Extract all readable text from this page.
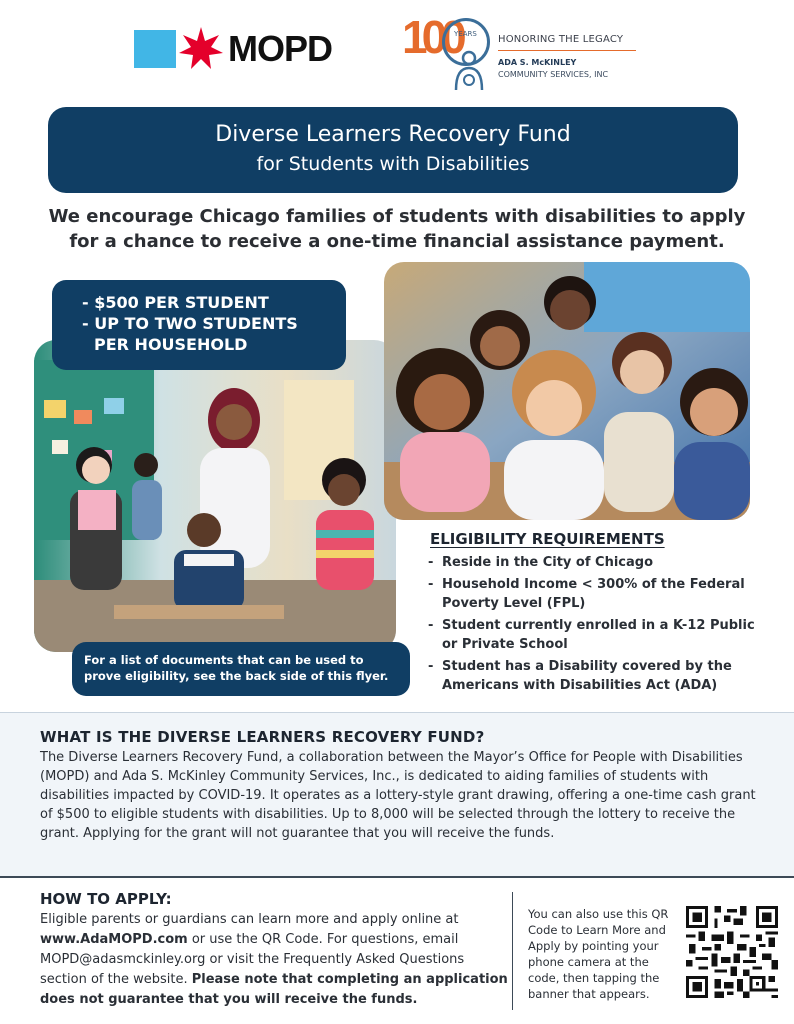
MOPD 100
YEARS HONORING THE LEGACY
ADA S. McKINLEY
COMMUNITY SERVICES, INC
Diverse Learners Recovery Fund
for Students with Disabilities
We encourage Chicago families of students with disabilities to apply
for a chance to receive a one-time financial assistance payment.
- $500 PER STUDENT
- UP TO TWO STUDENTS
PER HOUSEHOLD
For a list of documents that can be used to prove eligibility, see the back side of this flyer.
ELIGIBILITY REQUIREMENTS
- Reside in the City of Chicago
- Household Income < 300% of the Federal Poverty Level (FPL)
- Student currently enrolled in a K-12 Public or Private School
- Student has a Disability covered by the Americans with Disabilities Act (ADA)
WHAT IS THE DIVERSE LEARNERS RECOVERY FUND?
The Diverse Learners Recovery Fund, a collaboration between the Mayor’s Office for People with Disabilities (MOPD) and Ada S. McKinley Community Services, Inc., is dedicated to aiding families of students with disabilities impacted by COVID-19. It operates as a lottery-style grant drawing, offering a one-time cash grant of $500 to eligible students with disabilities. Up to 8,000 will be selected through the lottery to receive the grant. Applying for the grant will not guarantee that you will receive the funds.
HOW TO APPLY:
Eligible parents or guardians can learn more and apply online at www.AdaMOPD.com or use the QR Code. For questions, email MOPD@adasmckinley.org or visit the Frequently Asked Questions section of the website. Please note that completing an application does not guarantee that you will receive the funds.
You can also use this QR Code to Learn More and Apply by pointing your phone camera at the code, then tapping the banner that appears.
